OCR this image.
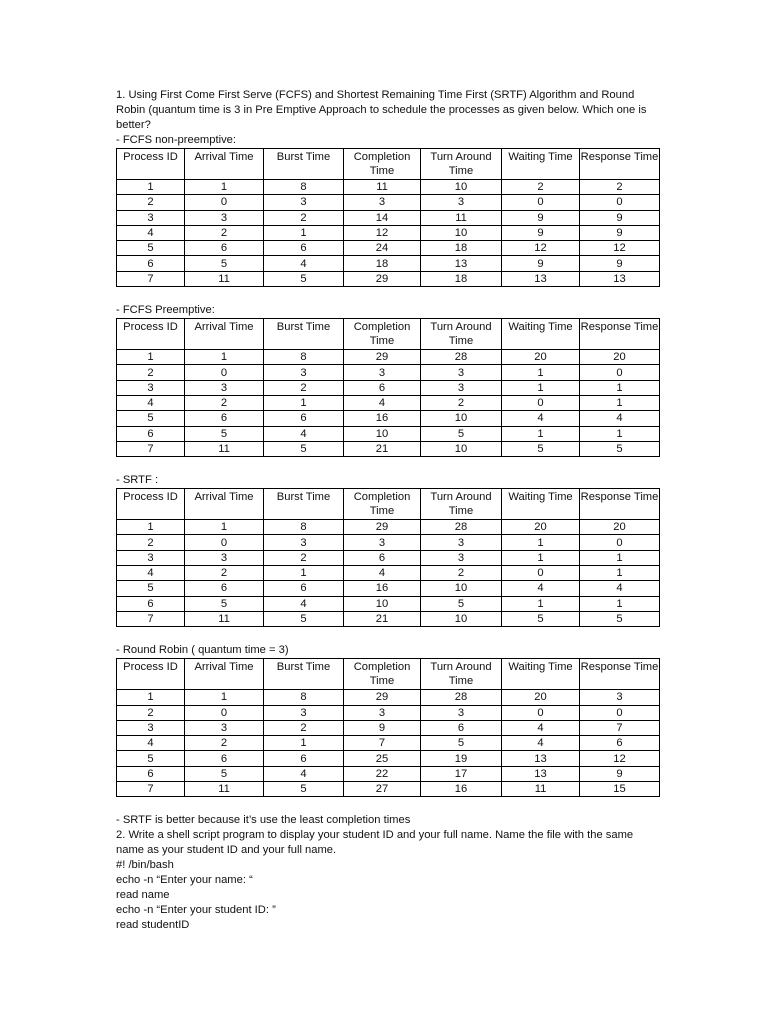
1. Using First Come First Serve (FCFS) and Shortest Remaining Time First (SRTF) Algorithm and Round Robin (quantum time is 3 in Pre Emptive Approach to schedule the processes as given below. Which one is better?

- FCFS non-preemptive:

Process ID	Arrival Time	Burst Time	Completion Time	Turn Around Time	Waiting Time	Response Time
1	1	8	11	10	2	2
2	0	3	3	3	0	0
3	3	2	14	11	9	9
4	2	1	12	10	9	9
5	6	6	24	18	12	12
6	5	4	18	13	9	9
7	11	5	29	18	13	13

- FCFS Preemptive:

Process ID	Arrival Time	Burst Time	Completion Time	Turn Around Time	Waiting Time	Response Time
1	1	8	29	28	20	20
2	0	3	3	3	1	0
3	3	2	6	3	1	1
4	2	1	4	2	0	1
5	6	6	16	10	4	4
6	5	4	10	5	1	1
7	11	5	21	10	5	5

- SRTF :

Process ID	Arrival Time	Burst Time	Completion Time	Turn Around Time	Waiting Time	Response Time
1	1	8	29	28	20	20
2	0	3	3	3	1	0
3	3	2	6	3	1	1
4	2	1	4	2	0	1
5	6	6	16	10	4	4
6	5	4	10	5	1	1
7	11	5	21	10	5	5

- Round Robin ( quantum time = 3)

Process ID	Arrival Time	Burst Time	Completion Time	Turn Around Time	Waiting Time	Response Time
1	1	8	29	28	20	3
2	0	3	3	3	0	0
3	3	2	9	6	4	7
4	2	1	7	5	4	6
5	6	6	25	19	13	12
6	5	4	22	17	13	9
7	11	5	27	16	11	15

- SRTF is better because it’s use the least completion times

2. Write a shell script program to display your student ID and your full name. Name the file with the same name as your student ID and your full name.

#! /bin/bash
echo -n “Enter your name: “
read name
echo -n “Enter your student ID: ”
read studentID
